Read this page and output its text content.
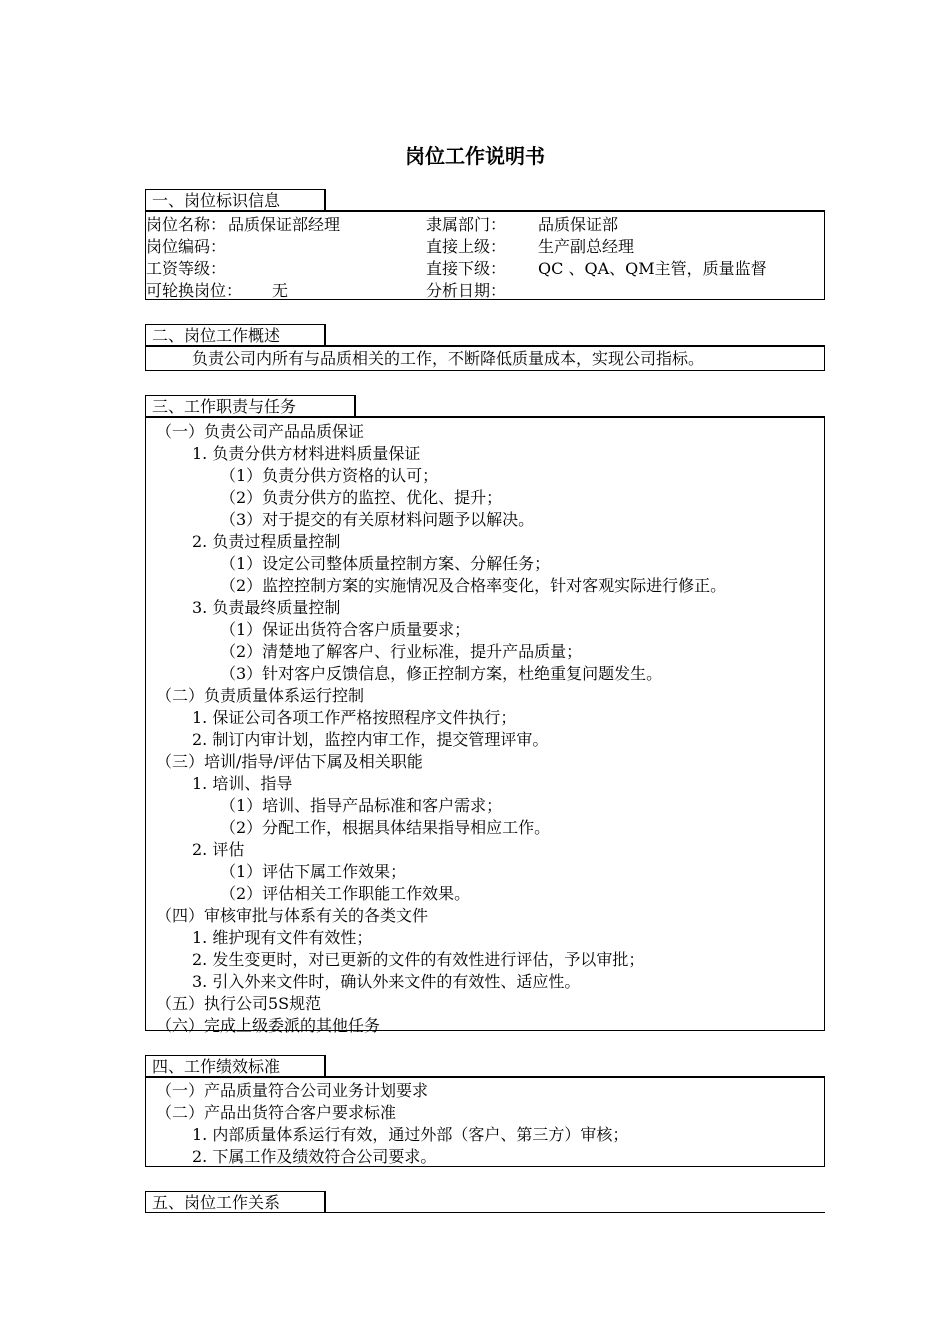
岗位工作说明书
一、岗位标识信息
岗位名称： 品质保证部经理	隶属部门： 品质保证部
岗位编码：	直接上级： 生产副总经理
工资等级：	直接下级： QC 、QA、QM主管，质量监督
可轮换岗位： 无	分析日期：
二、岗位工作概述
负责公司内所有与品质相关的工作，不断降低质量成本，实现公司指标。
三、工作职责与任务
（一）负责公司产品品质保证
1. 负责分供方材料进料质量保证
（1）负责分供方资格的认可；
（2）负责分供方的监控、优化、提升；
（3）对于提交的有关原材料问题予以解决。
2. 负责过程质量控制
（1）设定公司整体质量控制方案、分解任务；
（2）监控控制方案的实施情况及合格率变化，针对客观实际进行修正。
3. 负责最终质量控制
（1）保证出货符合客户质量要求；
（2）清楚地了解客户、行业标准，提升产品质量；
（3）针对客户反馈信息，修正控制方案，杜绝重复问题发生。
（二）负责质量体系运行控制
1. 保证公司各项工作严格按照程序文件执行；
2. 制订内审计划，监控内审工作，提交管理评审。
（三）培训/指导/评估下属及相关职能
1. 培训、指导
（1）培训、指导产品标准和客户需求；
（2）分配工作，根据具体结果指导相应工作。
2. 评估
（1）评估下属工作效果；
（2）评估相关工作职能工作效果。
（四）审核审批与体系有关的各类文件
1. 维护现有文件有效性；
2. 发生变更时，对已更新的文件的有效性进行评估，予以审批；
3. 引入外来文件时，确认外来文件的有效性、适应性。
（五）执行公司5S规范
（六）完成上级委派的其他任务
四、工作绩效标准
（一）产品质量符合公司业务计划要求
（二）产品出货符合客户要求标准
1. 内部质量体系运行有效，通过外部（客户、第三方）审核；
2. 下属工作及绩效符合公司要求。
五、岗位工作关系
